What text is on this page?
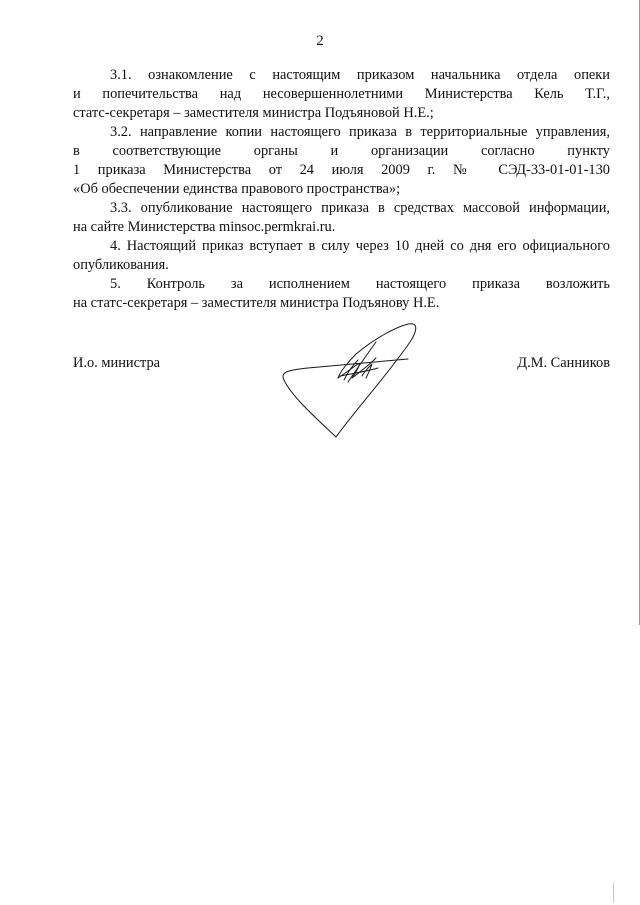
2
3.1. ознакомление с настоящим приказом начальника отдела опеки
и попечительства над несовершеннолетними Министерства Кель Т.Г.,
статс-секретаря – заместителя министра Подъяновой Н.Е.;
3.2. направление копии настоящего приказа в территориальные управления,
в соответствующие органы и организации согласно пункту
1 приказа Министерства от 24 июля 2009 г. № СЭД-33-01-01-130
«Об обеспечении единства правового пространства»;
3.3. опубликование настоящего приказа в средствах массовой информации,
на сайте Министерства minsoc.permkrai.ru.
4. Настоящий приказ вступает в силу через 10 дней со дня его официального
опубликования.
5. Контроль за исполнением настоящего приказа возложить
на статс-секретаря – заместителя министра Подъянову Н.Е.
И.о. министра	Д.М. Санников
